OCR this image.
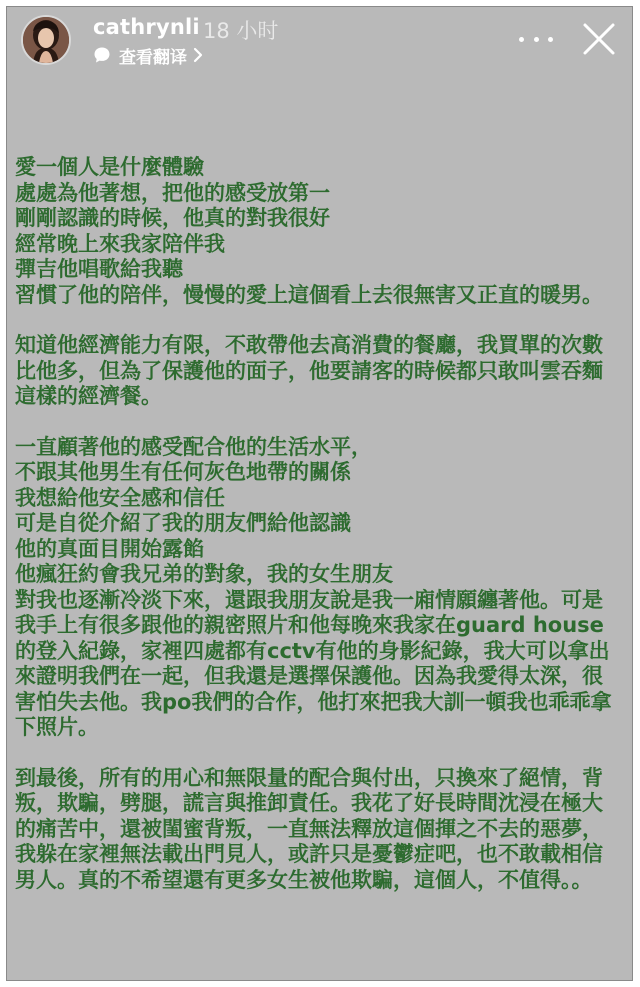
cathrynli 18 小时
查看翻译

愛一個人是什麼體驗
處處為他著想，把他的感受放第一
剛剛認識的時候，他真的對我很好
經常晚上來我家陪伴我
彈吉他唱歌給我聽
習慣了他的陪伴，慢慢的愛上這個看上去很無害又正直的暖男。

知道他經濟能力有限，不敢帶他去高消費的餐廳，我買單的次數比他多，但為了保護他的面子，他要請客的時候都只敢叫雲吞麵這樣的經濟餐。

一直顧著他的感受配合他的生活水平，
不跟其他男生有任何灰色地帶的關係
我想給他安全感和信任
可是自從介紹了我的朋友們給他認識
他的真面目開始露餡
他瘋狂約會我兄弟的對象，我的女生朋友
對我也逐漸冷淡下來，還跟我朋友說是我一廂情願纏著他。可是我手上有很多跟他的親密照片和他每晚來我家在guard house的登入紀錄，家裡四處都有cctv有他的身影紀錄，我大可以拿出來證明我們在一起，但我還是選擇保護他。因為我愛得太深，很害怕失去他。我po我們的合作，他打來把我大訓一頓我也乖乖拿下照片。

到最後，所有的用心和無限量的配合與付出，只換來了絕情，背叛，欺騙，劈腿，謊言與推卸責任。我花了好長時間沈浸在極大的痛苦中，還被閨蜜背叛，一直無法釋放這個揮之不去的惡夢，我躲在家裡無法載出門見人，或許只是憂鬱症吧，也不敢載相信男人。真的不希望還有更多女生被他欺騙，這個人，不值得。。
